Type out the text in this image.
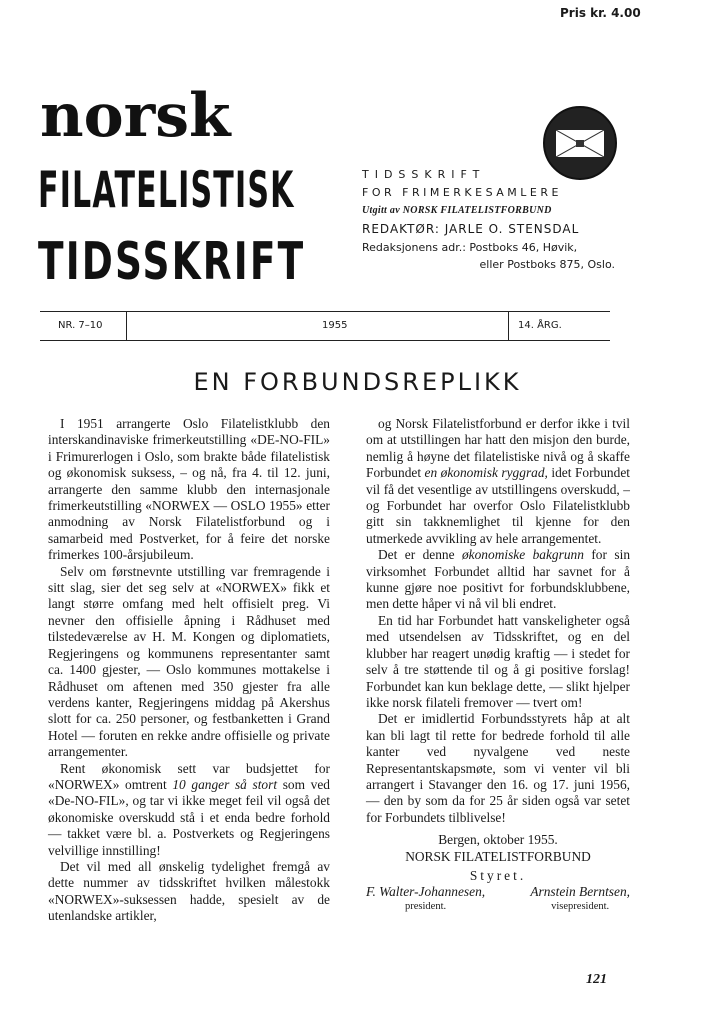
Pris kr. 4.00
norsk
FILATELISTISK
TIDSSKRIFT
TIDSSKRIFT
FOR FRIMERKESAMLERE
Utgitt av NORSK FILATELISTFORBUND
REDAKTØR: JARLE O. STENSDAL
Redaksjonens adr.: Postboks 46, Høvik,
eller Postboks 875, Oslo.
NR. 7–10	1955	14. ÅRG.
EN FORBUNDSREPLIKK

I 1951 arrangerte Oslo Filatelistklubb den interskandinaviske frimerkeutstilling «DE-NO-FIL» i Frimurerlogen i Oslo, som brakte både filatelistisk og økonomisk suksess, – og nå, fra 4. til 12. juni, arrangerte den samme klubb den internasjonale frimerkeutstilling «NORWEX — OSLO 1955» etter anmodning av Norsk Filatelistforbund og i samarbeid med Postverket, for å feire det norske frimerkes 100-årsjubileum.

Selv om førstnevnte utstilling var fremragende i sitt slag, sier det seg selv at «NORWEX» fikk et langt større omfang med helt offisielt preg. Vi nevner den offisielle åpning i Rådhuset med tilstedeværelse av H. M. Kongen og diplomatiets, Regjeringens og kommunens representanter samt ca. 1400 gjester, — Oslo kommunes mottakelse i Rådhuset om aftenen med 350 gjester fra alle verdens kanter, Regjeringens middag på Akershus slott for ca. 250 personer, og festbanketten i Grand Hotel — foruten en rekke andre offisielle og private arrangementer.

Rent økonomisk sett var budsjettet for «NORWEX» omtrent 10 ganger så stort som ved «De-NO-FIL», og tar vi ikke meget feil vil også det økonomiske overskudd stå i et enda bedre forhold — takket være bl. a. Postverkets og Regjeringens velvillige innstilling!

Det vil med all ønskelig tydelighet fremgå av dette nummer av tidsskriftet hvilken målestokk «NORWEX»-suksessen hadde, spesielt av de utenlandske artikler,

og Norsk Filatelistforbund er derfor ikke i tvil om at utstillingen har hatt den misjon den burde, nemlig å høyne det filatelistiske nivå og å skaffe Forbundet en økonomisk ryggrad, idet Forbundet vil få det vesentlige av utstillingens overskudd, – og Forbundet har overfor Oslo Filatelistklubb gitt sin takknemlighet til kjenne for den utmerkede avvikling av hele arrangementet.

Det er denne økonomiske bakgrunn for sin virksomhet Forbundet alltid har savnet for å kunne gjøre noe positivt for forbundsklubbene, men dette håper vi nå vil bli endret.

En tid har Forbundet hatt vanskeligheter også med utsendelsen av Tidsskriftet, og en del klubber har reagert unødig kraftig — i stedet for selv å tre støttende til og å gi positive forslag! Forbundet kan kun beklage dette, — slikt hjelper ikke norsk filateli fremover — tvert om!

Det er imidlertid Forbundsstyrets håp at alt kan bli lagt til rette for bedrede forhold til alle kanter ved nyvalgene ved neste Representantskapsmøte, som vi venter vil bli arrangert i Stavanger den 16. og 17. juni 1956, — den by som da for 25 år siden også var setet for Forbundets tilblivelse!

Bergen, oktober 1955.

NORSK FILATELISTFORBUND

Styret.

F. Walter-Johannesen,
president.
Arnstein Berntsen,
visepresident.
121
